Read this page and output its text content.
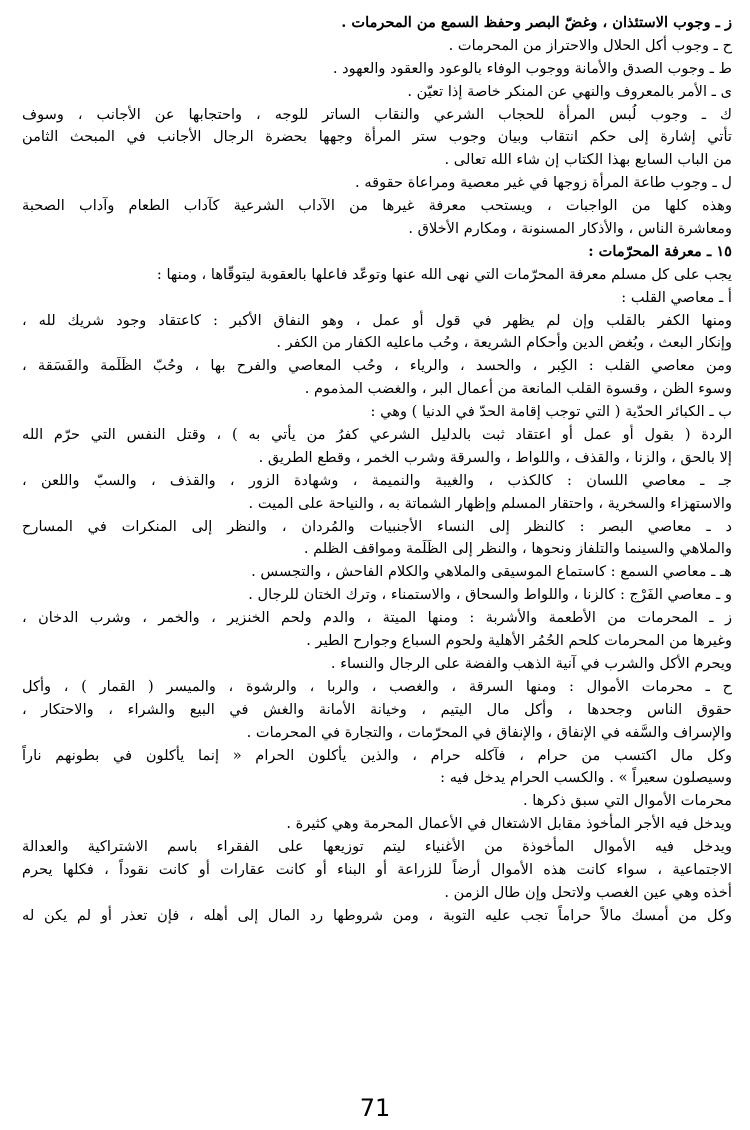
ز ـ وجوب الاستئذان ، وغضّ البصر وحفظ السمع من المحرمات .
ح ـ وجوب أكل الحلال والاحتراز من المحرمات .
ط ـ وجوب الصدق والأمانة ووجوب الوفاء بالوعود والعقود والعهود .
ى ـ الأمر بالمعروف والنهي عن المنكر خاصة إذا تعيّن .
ك ـ وجوب لُبس المرأة للحجاب الشرعي والنقاب الساتر للوجه ، واحتجابها عن الأجانب ، وسوف
تأتي إشارة إلى حكم انتقاب وبيان وجوب ستر المرأة وجهها بحضرة الرجال الأجانب في المبحث الثامن
من الباب السابع بهذا الكتاب إن شاء الله تعالى .
ل ـ وجوب طاعة المرأة زوجها في غير معصية ومراعاة حقوقه .
وهذه كلها من الواجبات ، ويستحب معرفة غيرها من الآداب الشرعية كآداب الطعام وآداب الصحبة
ومعاشرة الناس ، والأذكار المسنونة ، ومكارم الأخلاق .
١٥ ـ معرفة المحرّمات :
يجب على كل مسلم معرفة المحرّمات التي نهى الله عنها وتوعّد فاعلها بالعقوبة ليتوقّاها ، ومنها :
أ ـ معاصي القلب :
ومنها الكفر بالقلب وإن لم يظهر في قول أو عمل ، وهو النفاق الأكبر : كاعتقاد وجود شريك لله ،
وإنكار البعث ، وبُغض الدين وأحكام الشريعة ، وحُب ماعليه الكفار من الكفر .
ومن معاصي القلب : الكِبر ، والحسد ، والرياء ، وحُب المعاصي والفرح بها ، وحُبّ الظَلَمة والفَسَقة ،
وسوء الظن ، وقسوة القلب المانعة من أعمال البر ، والغضب المذموم .
ب ـ الكبائر الحدّية ( التي توجب إقامة الحدّ في الدنيا ) وهي :
الردة ( بقول أو عمل أو اعتقاد ثبت بالدليل الشرعي كفرُ من يأتي به ) ، وقتل النفس التي حرّم الله
إلا بالحق ، والزنا ، والقذف ، واللواط ، والسرقة وشرب الخمر ، وقطع الطريق .
جـ ـ معاصي اللسان : كالكذب ، والغيبة والنميمة ، وشهادة الزور ، والقذف ، والسبّ واللعن ،
والاستهزاء والسخرية ، واحتقار المسلم وإظهار الشماتة به ، والنياحة على الميت .
د ـ معاصي البصر : كالنظر إلى النساء الأجنبيات والمُردان ، والنظر إلى المنكرات في المسارح
والملاهي والسينما والتلفاز ونحوها ، والنظر إلى الظَلَمة ومواقف الظلم .
هـ ـ معاصي السمع : كاستماع الموسيقى والملاهي والكلام الفاحش ، والتجسس .
و ـ معاصي الفَرْج : كالزنا ، واللواط والسحاق ، والاستمناء ، وترك الختان للرجال .
ز ـ المحرمات من الأطعمة والأشربة : ومنها الميتة ، والدم ولحم الخنزير ، والخمر ، وشرب الدخان ،
وغيرها من المحرمات كلحم الحُمُر الأهلية ولحوم السباع وجوارح الطير .
ويحرم الأكل والشرب في آنية الذهب والفضة على الرجال والنساء .
ح ـ محرمات الأموال : ومنها السرقة ، والغصب ، والربا ، والرشوة ، والميسر ( القمار ) ، وأكل
حقوق الناس وجحدها ، وأكل مال اليتيم ، وخيانة الأمانة والغش في البيع والشراء ، والاحتكار ،
والإسراف والسَّفه في الإنفاق ، والإنفاق في المحرّمات ، والتجارة في المحرمات .
وكل مال اكتسب من حرام ، فآكله حرام ، والذين يأكلون الحرام « إنما يأكلون في بطونهم ناراً
وسيصلون سعيراً » . والكسب الحرام يدخل فيه :
محرمات الأموال التي سبق ذكرها .
ويدخل فيه الأجر المأخوذ مقابل الاشتغال في الأعمال المحرمة وهي كثيرة .
ويدخل فيه الأموال المأخوذة من الأغنياء ليتم توزيعها على الفقراء باسم الاشتراكية والعدالة
الاجتماعية ، سواء كانت هذه الأموال أرضاً للزراعة أو البناء أو كانت عقارات أو كانت نقوداً ، فكلها يحرم
أخذه وهي عين الغصب ولاتحل وإن طال الزمن .
وكل من أمسك مالاً حراماً تجب عليه التوبة ، ومن شروطها رد المال إلى أهله ، فإن تعذر أو لم يكن له
71
